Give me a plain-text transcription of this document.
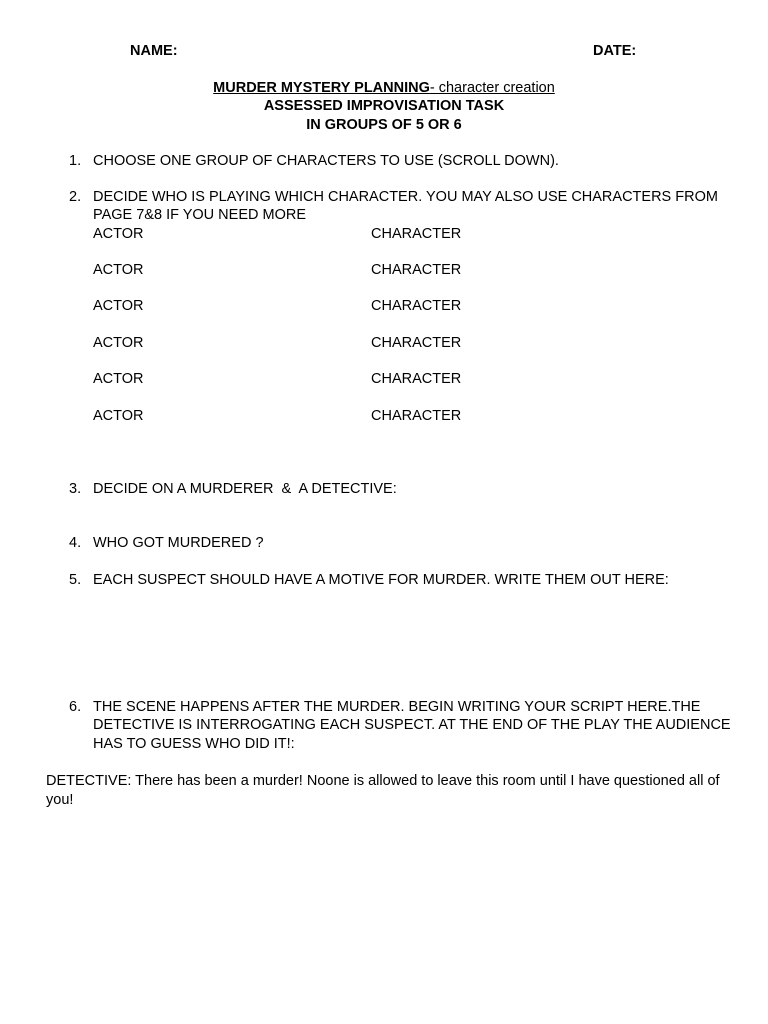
NAME:	DATE:
MURDER MYSTERY PLANNING- character creation
ASSESSED IMPROVISATION TASK
IN GROUPS OF 5 OR 6
1. CHOOSE ONE GROUP OF CHARACTERS TO USE (SCROLL DOWN).
2. DECIDE WHO IS PLAYING WHICH CHARACTER. YOU MAY ALSO USE CHARACTERS FROM
PAGE 7&8 IF YOU NEED MORE
ACTOR	CHARACTER
ACTOR	CHARACTER
ACTOR	CHARACTER
ACTOR	CHARACTER
ACTOR	CHARACTER
ACTOR	CHARACTER
3. DECIDE ON A MURDERER  &  A DETECTIVE:
4. WHO GOT MURDERED ?
5. EACH SUSPECT SHOULD HAVE A MOTIVE FOR MURDER. WRITE THEM OUT HERE:
6. THE SCENE HAPPENS AFTER THE MURDER. BEGIN WRITING YOUR SCRIPT HERE.THE
DETECTIVE IS INTERROGATING EACH SUSPECT. AT THE END OF THE PLAY THE AUDIENCE
HAS TO GUESS WHO DID IT!:
DETECTIVE: There has been a murder! Noone is allowed to leave this room until I have questioned all of
you!
